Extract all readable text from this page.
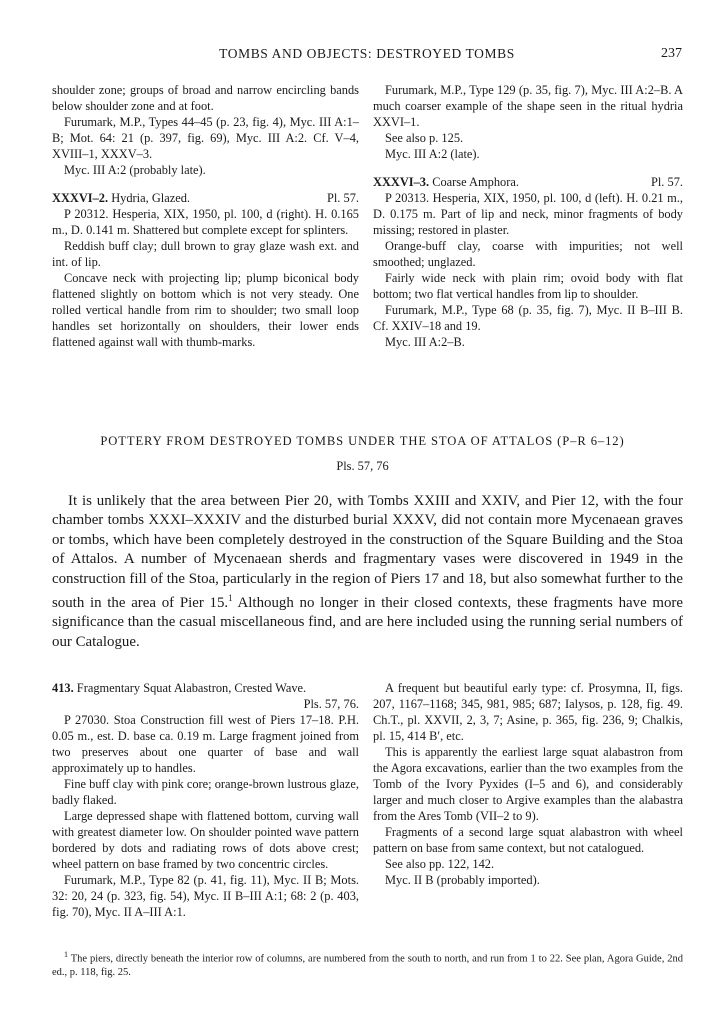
TOMBS AND OBJECTS: DESTROYED TOMBS	237

shoulder zone; groups of broad and narrow encircling bands below shoulder zone and at foot.

Furumark, M.P., Types 44–45 (p. 23, fig. 4), Myc. III A:1–B; Mot. 64: 21 (p. 397, fig. 69), Myc. III A:2. Cf. V–4, XVIII–1, XXXV–3.

Myc. III A:2 (probably late).

XXXVI–2. Hydria, Glazed.	Pl. 57.

P 20312. Hesperia, XIX, 1950, pl. 100, d (right). H. 0.165 m., D. 0.141 m. Shattered but complete except for splinters.

Reddish buff clay; dull brown to gray glaze wash ext. and int. of lip.

Concave neck with projecting lip; plump biconical body flattened slightly on bottom which is not very steady. One rolled vertical handle from rim to shoulder; two small loop handles set horizontally on shoulders, their lower ends flattened against wall with thumb-marks.

Furumark, M.P., Type 129 (p. 35, fig. 7), Myc. III A:2–B. A much coarser example of the shape seen in the ritual hydria XXVI–1.

See also p. 125.

Myc. III A:2 (late).

XXXVI–3. Coarse Amphora.	Pl. 57.

P 20313. Hesperia, XIX, 1950, pl. 100, d (left). H. 0.21 m., D. 0.175 m. Part of lip and neck, minor fragments of body missing; restored in plaster.

Orange-buff clay, coarse with impurities; not well smoothed; unglazed.

Fairly wide neck with plain rim; ovoid body with flat bottom; two flat vertical handles from lip to shoulder.

Furumark, M.P., Type 68 (p. 35, fig. 7), Myc. II B–III B. Cf. XXIV–18 and 19.

Myc. III A:2–B.

POTTERY FROM DESTROYED TOMBS UNDER THE STOA OF ATTALOS (P–R 6–12)
Pls. 57, 76

It is unlikely that the area between Pier 20, with Tombs XXIII and XXIV, and Pier 12, with the four chamber tombs XXXI–XXXIV and the disturbed burial XXXV, did not contain more Mycenaean graves or tombs, which have been completely destroyed in the construction of the Square Building and the Stoa of Attalos. A number of Mycenaean sherds and fragmentary vases were discovered in 1949 in the construction fill of the Stoa, particularly in the region of Piers 17 and 18, but also somewhat further to the south in the area of Pier 15.$^1$ Although no longer in their closed contexts, these fragments have more significance than the casual miscellaneous find, and are here included using the running serial numbers of our Catalogue.

413. Fragmentary Squat Alabastron, Crested Wave.

Pls. 57, 76.

P 27030. Stoa Construction fill west of Piers 17–18. P.H. 0.05 m., est. D. base ca. 0.19 m. Large fragment joined from two preserves about one quarter of base and wall approximately up to handles.

Fine buff clay with pink core; orange-brown lustrous glaze, badly flaked.

Large depressed shape with flattened bottom, curving wall with greatest diameter low. On shoulder pointed wave pattern bordered by dots and radiating rows of dots above crest; wheel pattern on base framed by two concentric circles.

Furumark, M.P., Type 82 (p. 41, fig. 11), Myc. II B; Mots. 32: 20, 24 (p. 323, fig. 54), Myc. II B–III A:1; 68: 2 (p. 403, fig. 70), Myc. II A–III A:1.

A frequent but beautiful early type: cf. Prosymna, II, figs. 207, 1167–1168; 345, 981, 985; 687; Ialysos, p. 128, fig. 49. Ch.T., pl. XXVII, 2, 3, 7; Asine, p. 365, fig. 236, 9; Chalkis, pl. 15, 414 B′, etc.

This is apparently the earliest large squat alabastron from the Agora excavations, earlier than the two examples from the Tomb of the Ivory Pyxides (I–5 and 6), and considerably larger and much closer to Argive examples than the alabastra from the Ares Tomb (VII–2 to 9).

Fragments of a second large squat alabastron with wheel pattern on base from same context, but not catalogued.

See also pp. 122, 142.

Myc. II B (probably imported).

$^1$ The piers, directly beneath the interior row of columns, are numbered from the south to north, and run from 1 to 22. See plan, Agora Guide, 2nd ed., p. 118, fig. 25.
